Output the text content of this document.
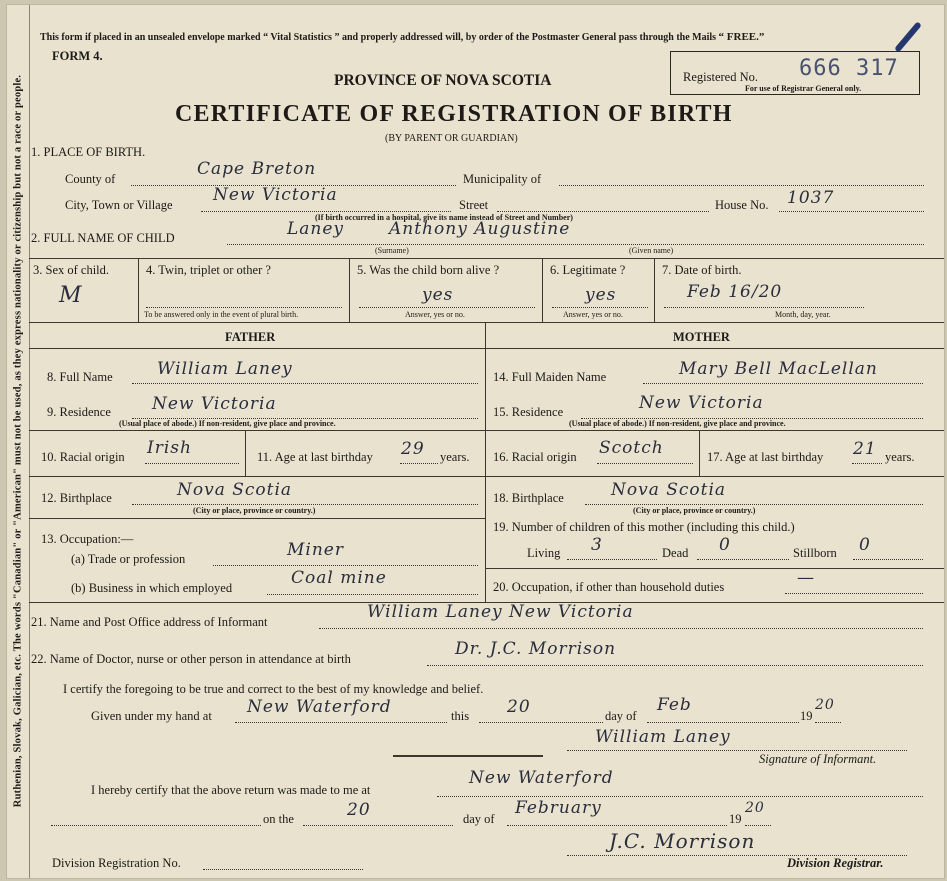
Ruthenian, Slovak, Galician, etc. The words "Canadian" or "American" must not be used, as they express nationality or citizenship but not a race or people.
This form if placed in an unsealed envelope marked “ Vital Statistics ” and properly addressed will, by order of the Postmaster General pass through the Mails “ FREE.”
FORM 4.
PROVINCE OF NOVA SCOTIA
CERTIFICATE OF REGISTRATION OF BIRTH
(BY PARENT OR GUARDIAN)
Registered No. 666 317
For use of Registrar General only.
1. PLACE OF BIRTH.
County of	Cape Breton	Municipality of
City, Town or Village New Victoria	Street	House No. 1037
(If birth occurred in a hospital, give its name instead of Street and Number)
2. FULL NAME OF CHILD	Laney	Anthony Augustine
(Surname)	(Given name)
3. Sex of child.
M
4. Twin, triplet or other ?
To be answered only in the event of plural birth.
5. Was the child born alive ?
yes
Answer, yes or no.
6. Legitimate ?
yes
Answer, yes or no.
7. Date of birth.
Feb 16/20
Month, day, year.
FATHER	MOTHER
8. Full Name	William Laney
9. Residence New Victoria
(Usual place of abode.) If non-resident, give place and province.
10. Racial origin Irish	11. Age at last birthday 29 years.
12. Birthplace	Nova Scotia
(City or place, province or country.)
13. Occupation:—
(a) Trade or profession	Miner
(b) Business in which employed	Coal mine
14. Full Maiden Name	Mary Bell MacLellan
15. Residence	New Victoria
(Usual place of abode.) If non-resident, give place and province.
16. Racial origin Scotch	17. Age at last birthday 21 years.
18. Birthplace	Nova Scotia
(City or place, province or country.)
19. Number of children of this mother (including this child.)
Living 3	Dead 0	Stillborn 0
20. Occupation, if other than household duties	—
21. Name and Post Office address of Informant	William Laney New Victoria
22. Name of Doctor, nurse or other person in attendance at birth	Dr. J.C. Morrison
I certify the foregoing to be true and correct to the best of my knowledge and belief.
Given under my hand at New Waterford	this 20	day of
Feb
19
20
William Laney
Signature of Informant.
I hereby certify that the above return was made to me at
New Waterford
on the	20	day of
February
19
20
J.C. Morrison
Division Registration No.	Division Registrar.
